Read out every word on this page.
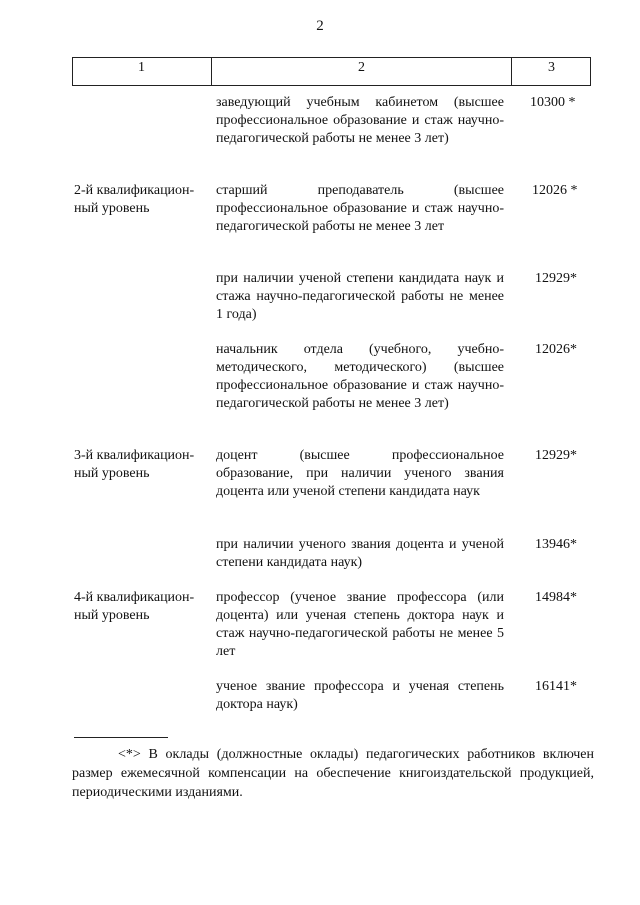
2
1	2	3
заведующий учебным кабинетом (высшее профессиональное образование и стаж научно-педагогической работы не менее 3 лет)
10300 *
2-й квалификацион-ный уровень
старший преподаватель (высшее профессиональное образование и стаж научно-педагогической работы не менее 3 лет
12026 *
при наличии ученой степени кандидата наук и стажа научно-педагогической работы не менее 1 года)
12929*
начальник отдела (учебного, учебно-методического, методического) (высшее профессиональное образование и стаж научно-педагогической работы не менее 3 лет)
12026*
3-й квалификацион-ный уровень
доцент (высшее профессиональное образование, при наличии ученого звания доцента или ученой степени кандидата наук
12929*
при наличии ученого звания доцента и ученой степени кандидата наук)
13946*
4-й квалификацион-ный уровень
профессор (ученое звание профессора (или доцента) или ученая степень доктора наук и стаж научно-педагогической работы не менее 5 лет
14984*
ученое звание профессора и ученая степень доктора наук)
16141*
<*> В оклады (должностные оклады) педагогических работников включен размер ежемесячной компенсации на обеспечение книгоиздательской продукцией, периодическими изданиями.
